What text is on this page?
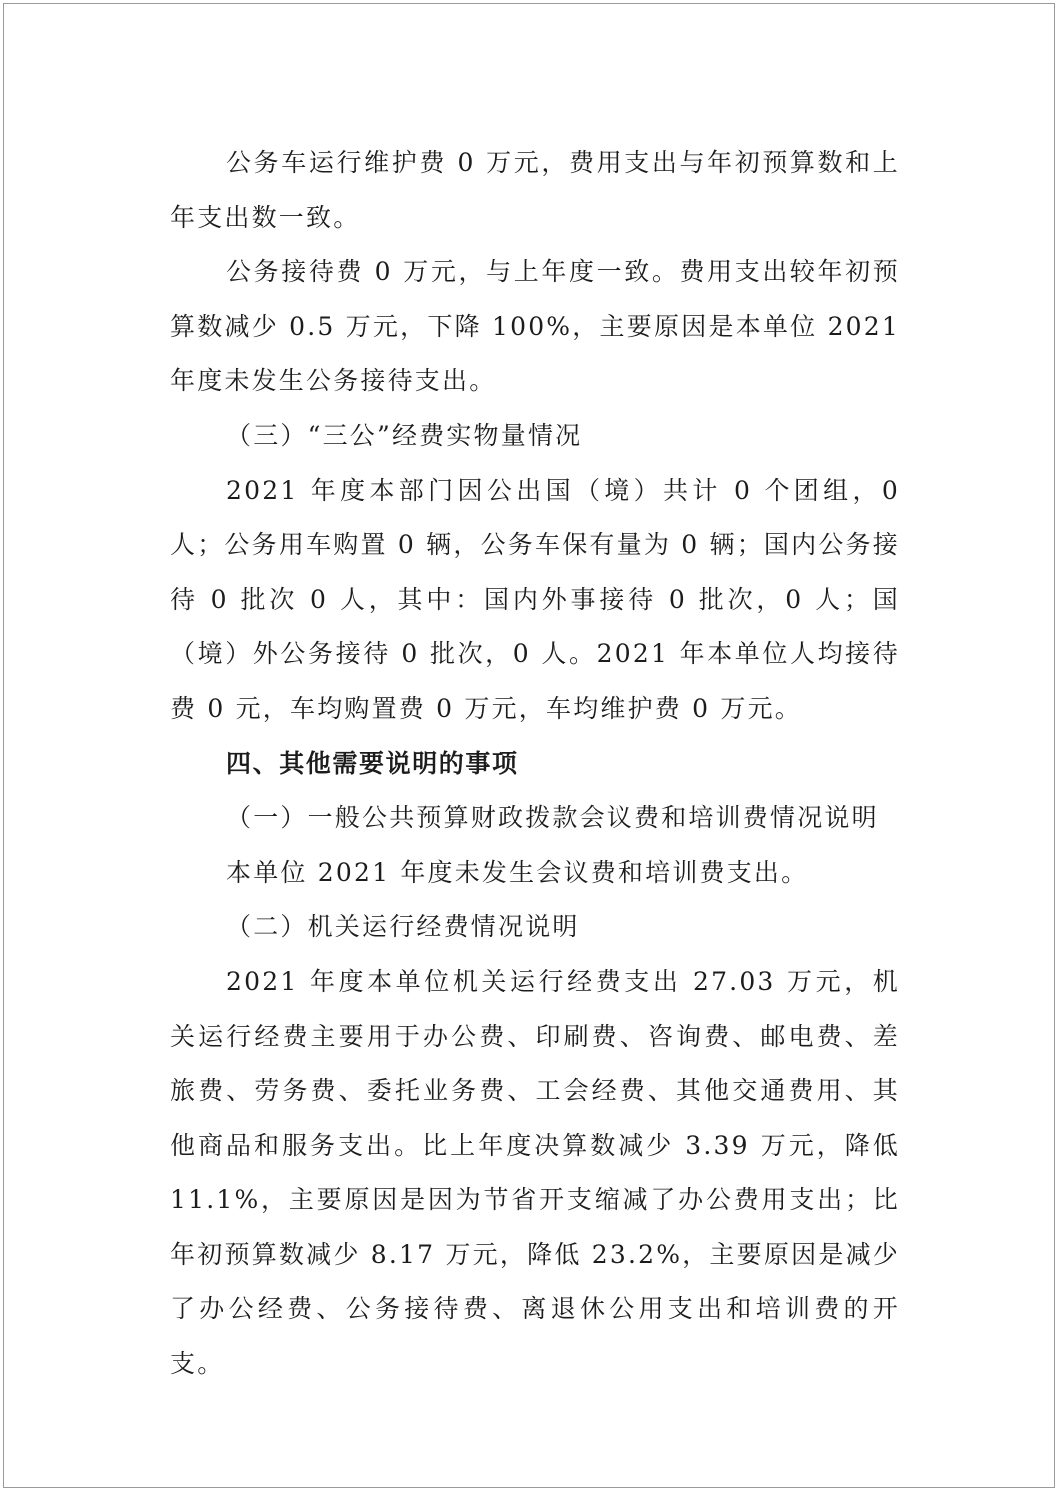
公务车运行维护费 0 万元，费用支出与年初预算数和上年支出数一致。

公务接待费 0 万元，与上年度一致。费用支出较年初预算数减少 0.5 万元，下降 100%，主要原因是本单位 2021 年度未发生公务接待支出。

（三）“三公”经费实物量情况

2021 年度本部门因公出国（境）共计 0 个团组，0 人；公务用车购置 0 辆，公务车保有量为 0 辆；国内公务接待 0 批次 0 人，其中：国内外事接待 0 批次，0 人；国（境）外公务接待 0 批次，0 人。2021 年本单位人均接待费 0 元，车均购置费 0 万元，车均维护费 0 万元。

四、其他需要说明的事项

（一）一般公共预算财政拨款会议费和培训费情况说明

本单位 2021 年度未发生会议费和培训费支出。

（二）机关运行经费情况说明

2021 年度本单位机关运行经费支出 27.03 万元，机关运行经费主要用于办公费、印刷费、咨询费、邮电费、差旅费、劳务费、委托业务费、工会经费、其他交通费用、其他商品和服务支出。比上年度决算数减少 3.39 万元，降低 11.1%，主要原因是因为节省开支缩减了办公费用支出；比年初预算数减少 8.17 万元，降低 23.2%，主要原因是减少了办公经费、公务接待费、离退休公用支出和培训费的开支。
